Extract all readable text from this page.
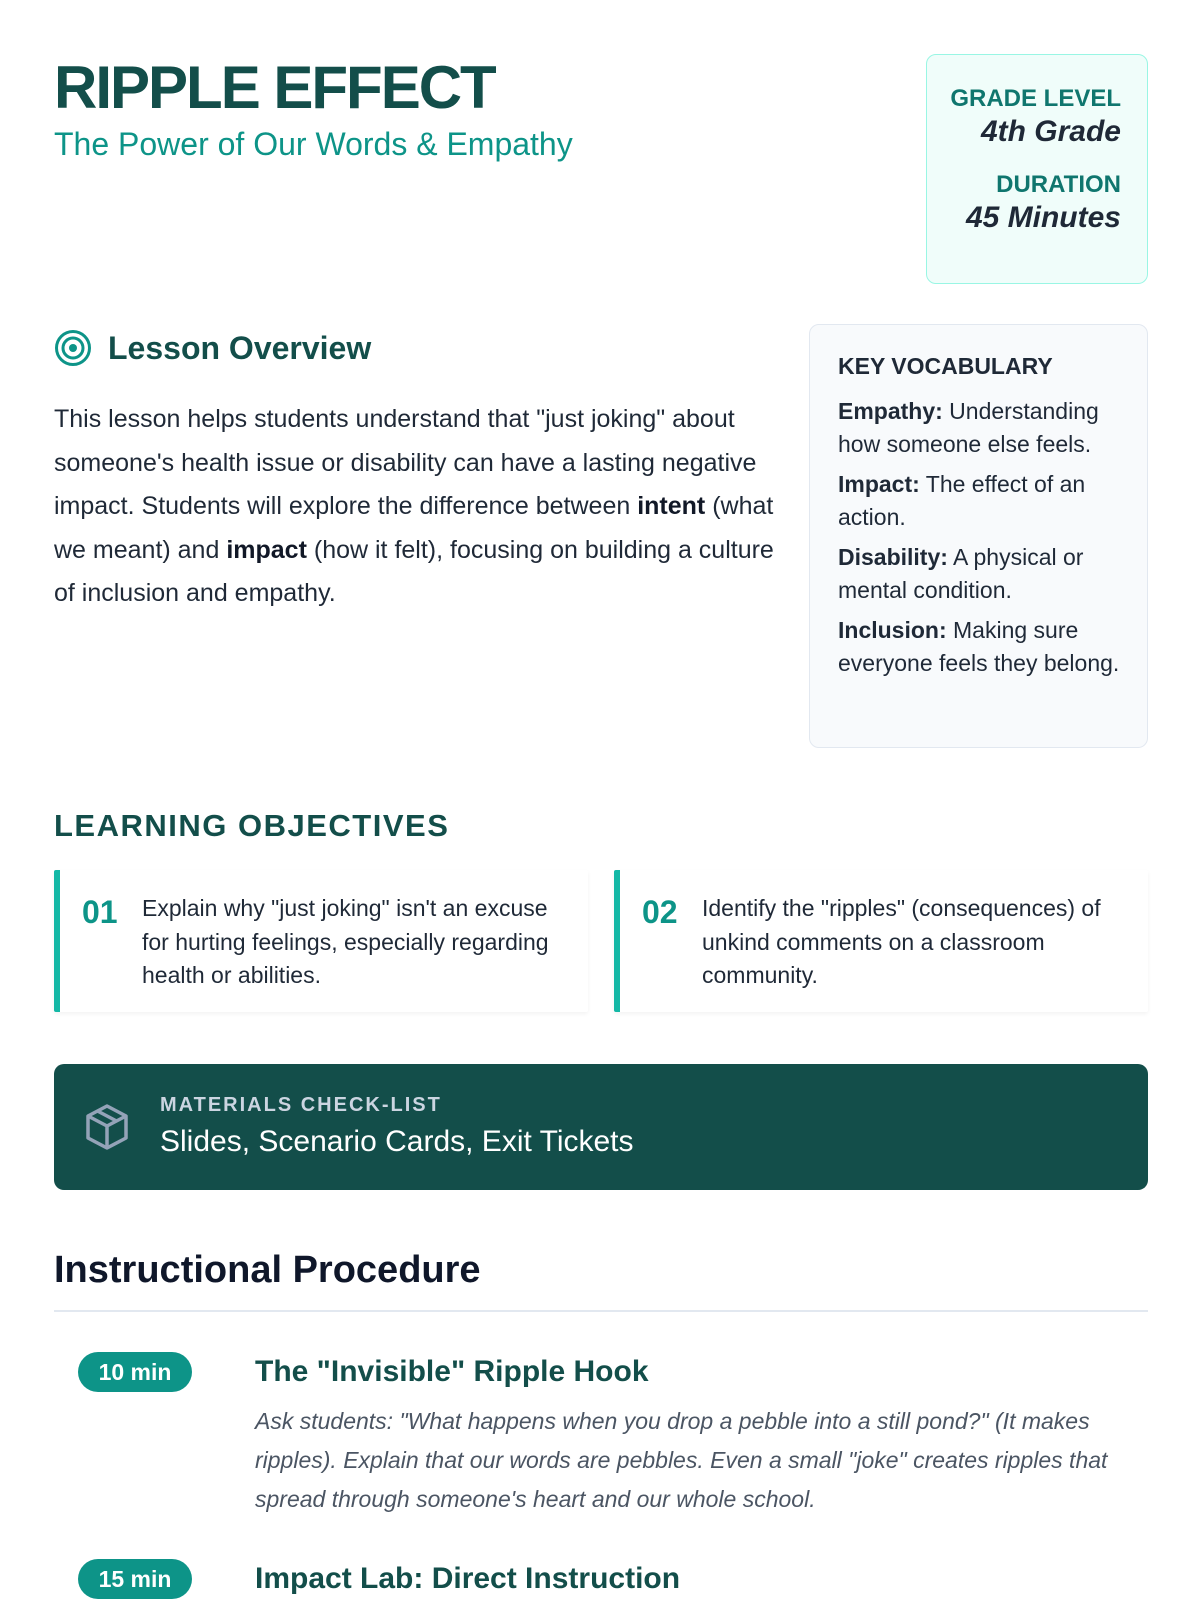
RIPPLE EFFECT
The Power of Our Words & Empathy
GRADE LEVEL
4th Grade
DURATION
45 Minutes
Lesson Overview

This lesson helps students understand that "just joking" about someone's health issue or disability can have a lasting negative impact. Students will explore the difference between intent (what we meant) and impact (how it felt), focusing on building a culture of inclusion and empathy.

KEY VOCABULARY
Empathy: Understanding how someone else feels.
Impact: The effect of an action.
Disability: A physical or mental condition.
Inclusion: Making sure everyone feels they belong.
LEARNING OBJECTIVES
01	Explain why "just joking" isn't an excuse for hurting feelings, especially regarding health or abilities.
02	Identify the "ripples" (consequences) of unkind comments on a classroom community.
MATERIALS CHECK-LIST
Slides, Scenario Cards, Exit Tickets
Instructional Procedure
10 min	The "Invisible" Ripple Hook
Ask students: "What happens when you drop a pebble into a still pond?" (It makes ripples). Explain that our words are pebbles. Even a small "joke" creates ripples that spread through someone's heart and our whole school.
15 min	Impact Lab: Direct Instruction
